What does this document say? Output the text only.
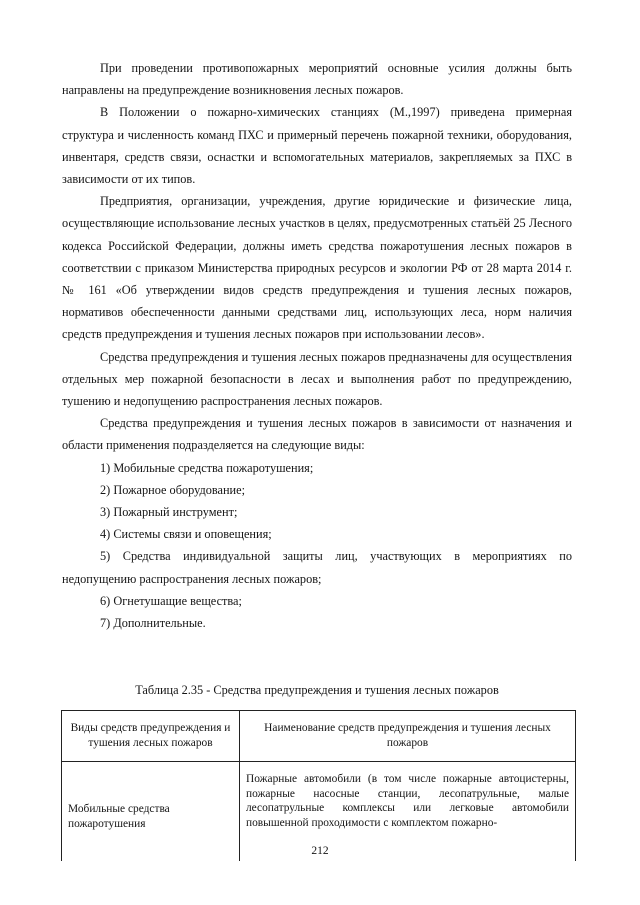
При проведении противопожарных мероприятий основные усилия должны быть направлены на предупреждение возникновения лесных пожаров.

В Положении о пожарно-химических станциях (М.,1997) приведена примерная структура и численность команд ПХС и примерный перечень пожарной техники, оборудования, инвентаря, средств связи, оснастки и вспомогательных материалов, закрепляемых за ПХС в зависимости от их типов.

Предприятия, организации, учреждения, другие юридические и физические лица, осуществляющие использование лесных участков в целях, предусмотренных статьёй 25 Лесного кодекса Российской Федерации, должны иметь средства пожаротушения лесных пожаров в соответствии с приказом Министерства природных ресурсов и экологии РФ от 28 марта 2014 г. № 161 «Об утверждении видов средств предупреждения и тушения лесных пожаров, нормативов обеспеченности данными средствами лиц, использующих леса, норм наличия средств предупреждения и тушения лесных пожаров при использовании лесов».

Средства предупреждения и тушения лесных пожаров предназначены для осуществления отдельных мер пожарной безопасности в лесах и выполнения работ по предупреждению, тушению и недопущению распространения лесных пожаров.

Средства предупреждения и тушения лесных пожаров в зависимости от назначения и области применения подразделяется на следующие виды:

1) Мобильные средства пожаротушения;

2) Пожарное оборудование;

3) Пожарный инструмент;

4) Системы связи и оповещения;

5) Средства индивидуальной защиты лиц, участвующих в мероприятиях по недопущению распространения лесных пожаров;

6) Огнетушащие вещества;

7) Дополнительные.

Таблица 2.35 - Средства предупреждения и тушения лесных пожаров

Виды средств предупреждения и тушения лесных пожаров	Наименование средств предупреждения и тушения лесных пожаров
Мобильные средства пожаротушения	Пожарные автомобили (в том числе пожарные автоцистерны, пожарные насосные станции, лесопатрульные, малые лесопатрульные комплексы или легковые автомобили повышенной проходимости с комплектом пожарно-

212
